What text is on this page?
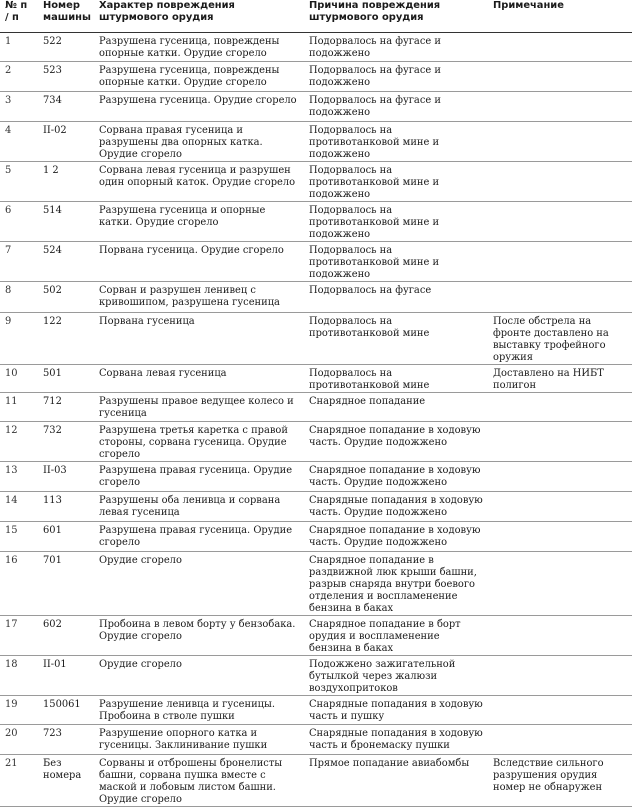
№ п / п	Номер машины	Характер повреждения штурмового орудия	Причина повреждения штурмового орудия	Примечание
1	522	Разрушена гусеница, повреждены опорные катки. Орудие сгорело	Подорвалось на фугасе и подожжено	
2	523	Разрушена гусеница, повреждены опорные катки. Орудие сгорело	Подорвалось на фугасе и подожжено	
3	734	Разрушена гусеница. Орудие сгорело	Подорвалось на фугасе и подожжено	
4	II-02	Сорвана правая гусеница и разрушены два опорных катка. Орудие сгорело	Подорвалось на противотанковой мине и подожжено	
5	1 2	Сорвана левая гусеница и разрушен один опорный каток. Орудие сгорело	Подорвалось на противотанковой мине и подожжено	
6	514	Разрушена гусеница и опорные катки. Орудие сгорело	Подорвалось на противотанковой мине и подожжено	
7	524	Порвана гусеница. Орудие сгорело	Подорвалось на противотанковой мине и подожжено	
8	502	Сорван и разрушен ленивец с кривошипом, разрушена гусеница	Подорвалось на фугасе	
9	122	Порвана гусеница	Подорвалось на противотанковой мине	После обстрела на фронте доставлено на выставку трофейного оружия
10	501	Сорвана левая гусеница	Подорвалось на противотанковой мине	Доставлено на НИБТ полигон
11	712	Разрушены правое ведущее колесо и гусеница	Снарядное попадание	
12	732	Разрушена третья каретка с правой стороны, сорвана гусеница. Орудие сгорело	Снарядное попадание в ходовую часть. Орудие подожжено	
13	II-03	Разрушена правая гусеница. Орудие сгорело	Снарядное попадание в ходовую часть. Орудие подожжено	
14	113	Разрушены оба ленивца и сорвана левая гусеница	Снарядные попадания в ходовую часть. Орудие подожжено	
15	601	Разрушена правая гусеница. Орудие сгорело	Снарядное попадание в ходовую часть. Орудие подожжено	
16	701	Орудие сгорело	Снарядное попадание в раздвижной люк крыши башни, разрыв снаряда внутри боевого отделения и воспламенение бензина в баках	
17	602	Пробоина в левом борту у бензобака. Орудие сгорело	Снарядное попадание в борт орудия и воспламенение бензина в баках	
18	II-01	Орудие сгорело	Подожжено зажигательной бутылкой через жалюзи воздухопритоков	
19	150061	Разрушение ленивца и гусеницы. Пробоина в стволе пушки	Снарядные попадания в ходовую часть и пушку	
20	723	Разрушение опорного катка и гусеницы. Заклинивание пушки	Снарядные попадания в ходовую часть и бронемаску пушки	
21	Без номера	Сорваны и отброшены бронелисты башни, сорвана пушка вместе с маской и лобовым листом башни. Орудие сгорело	Прямое попадание авиабомбы	Вследствие сильного разрушения орудия номер не обнаружен
